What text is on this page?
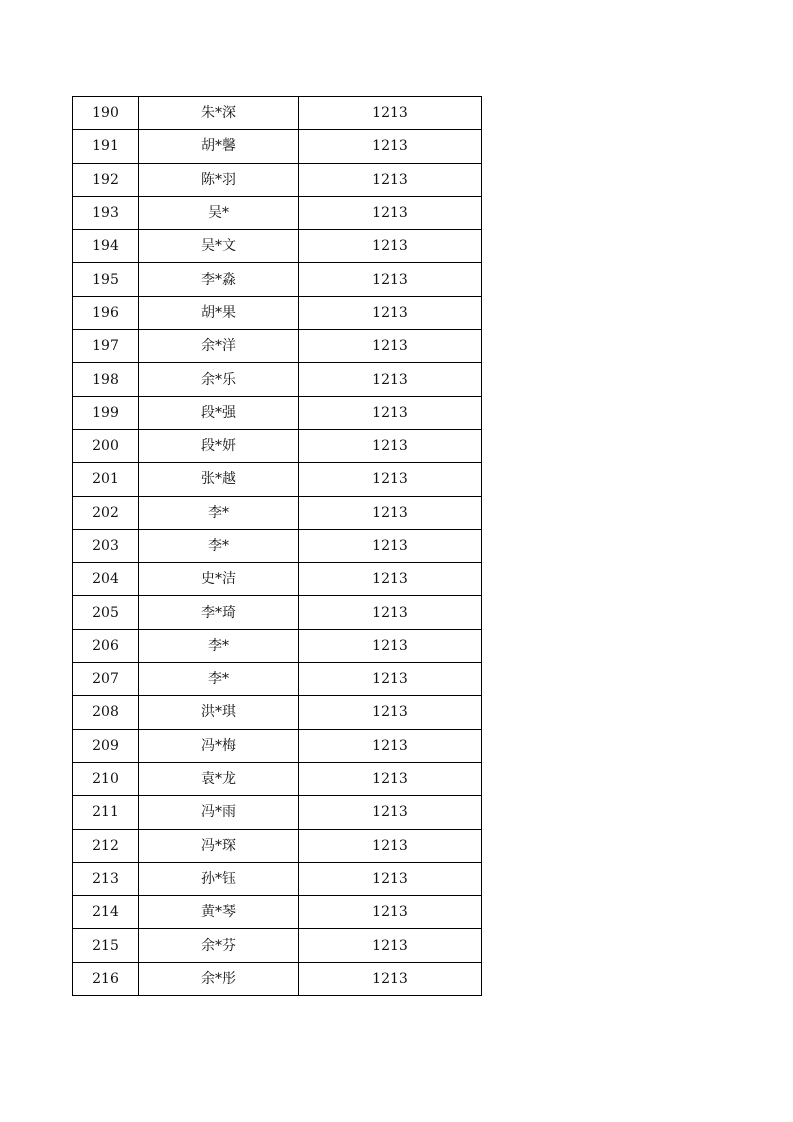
190	朱*深	1213
191	胡*馨	1213
192	陈*羽	1213
193	吴*	1213
194	吴*文	1213
195	李*淼	1213
196	胡*果	1213
197	余*洋	1213
198	余*乐	1213
199	段*强	1213
200	段*妍	1213
201	张*越	1213
202	李*	1213
203	李*	1213
204	史*洁	1213
205	李*琦	1213
206	李*	1213
207	李*	1213
208	洪*琪	1213
209	冯*梅	1213
210	袁*龙	1213
211	冯*雨	1213
212	冯*琛	1213
213	孙*钰	1213
214	黄*琴	1213
215	余*芬	1213
216	余*彤	1213
